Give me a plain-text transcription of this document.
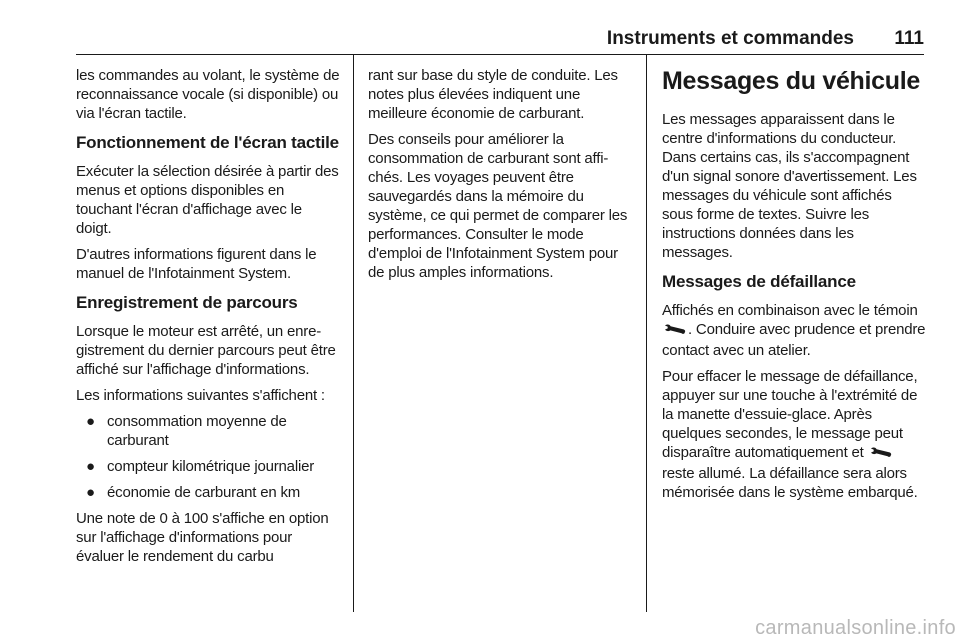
Instruments et commandes 111

les commandes au volant, le système de reconnaissance vocale (si disponible) ou via l'écran tactile.

Fonctionnement de l'écran tactile

Exécuter la sélection désirée à partir des menus et options disponibles en touchant l'écran d'affichage avec le doigt.

D'autres informations figurent dans le manuel de l'Infotainment System.

Enregistrement de parcours

Lorsque le moteur est arrêté, un enregistrement du dernier parcours peut être affiché sur l'affichage d'informations.

Les informations suivantes s'affichent :

● consommation moyenne de carburant
● compteur kilométrique journalier
● économie de carburant en km

Une note de 0 à 100 s'affiche en option sur l'affichage d'informations pour évaluer le rendement du carbu

rant sur base du style de conduite. Les notes plus élevées indiquent une meilleure économie de carburant.

Des conseils pour améliorer la consommation de carburant sont affichés. Les voyages peuvent être sauvegardés dans la mémoire du système, ce qui permet de comparer les performances. Consulter le mode d'emploi de l'Infotainment System pour de plus amples informations.

Messages du véhicule

Les messages apparaissent dans le centre d'informations du conducteur. Dans certains cas, ils s'accompagnent d'un signal sonore d'avertissement. Les messages du véhicule sont affichés sous forme de textes. Suivre les instructions données dans les messages.

Messages de défaillance

Affichés en combinaison avec le témoin . Conduire avec prudence et prendre contact avec un atelier.

Pour effacer le message de défaillance, appuyer sur une touche à l'extrémité de la manette d'essuie-glace. Après quelques secondes, le message peut disparaître automatiquement et  reste allumé. La défaillance sera alors mémorisée dans le système embarqué.

carmanualsonline.info
